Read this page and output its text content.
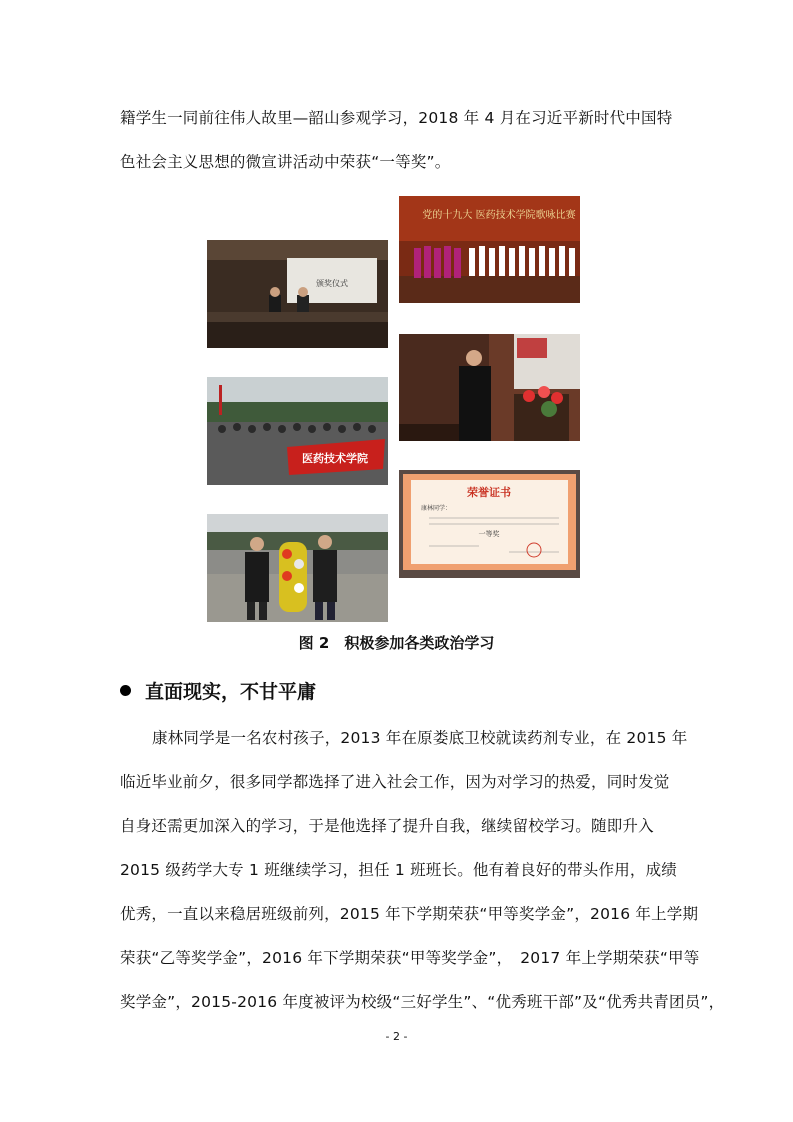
籍学生一同前往伟人故里—韶山参观学习，2018 年 4 月在习近平新时代中国特
色社会主义思想的微宣讲活动中荣获“一等奖”。
颁奖仪式
党的十九大 医药技术学院歌咏比赛
医药技术学院
荣誉证书
康林同学：
一等奖
图 2　积极参加各类政治学习
直面现实，不甘平庸
康林同学是一名农村孩子，2013 年在原娄底卫校就读药剂专业，在 2015 年
临近毕业前夕，很多同学都选择了进入社会工作，因为对学习的热爱，同时发觉
自身还需更加深入的学习，于是他选择了提升自我，继续留校学习。随即升入
2015 级药学大专 1 班继续学习，担任 1 班班长。他有着良好的带头作用，成绩
优秀，一直以来稳居班级前列，2015 年下学期荣获“甲等奖学金”，2016 年上学期
荣获“乙等奖学金”，2016 年下学期荣获“甲等奖学金”，　2017 年上学期荣获“甲等
奖学金”，2015-2016 年度被评为校级“三好学生”、“优秀班干部”及“优秀共青团员”，
- 2 -
